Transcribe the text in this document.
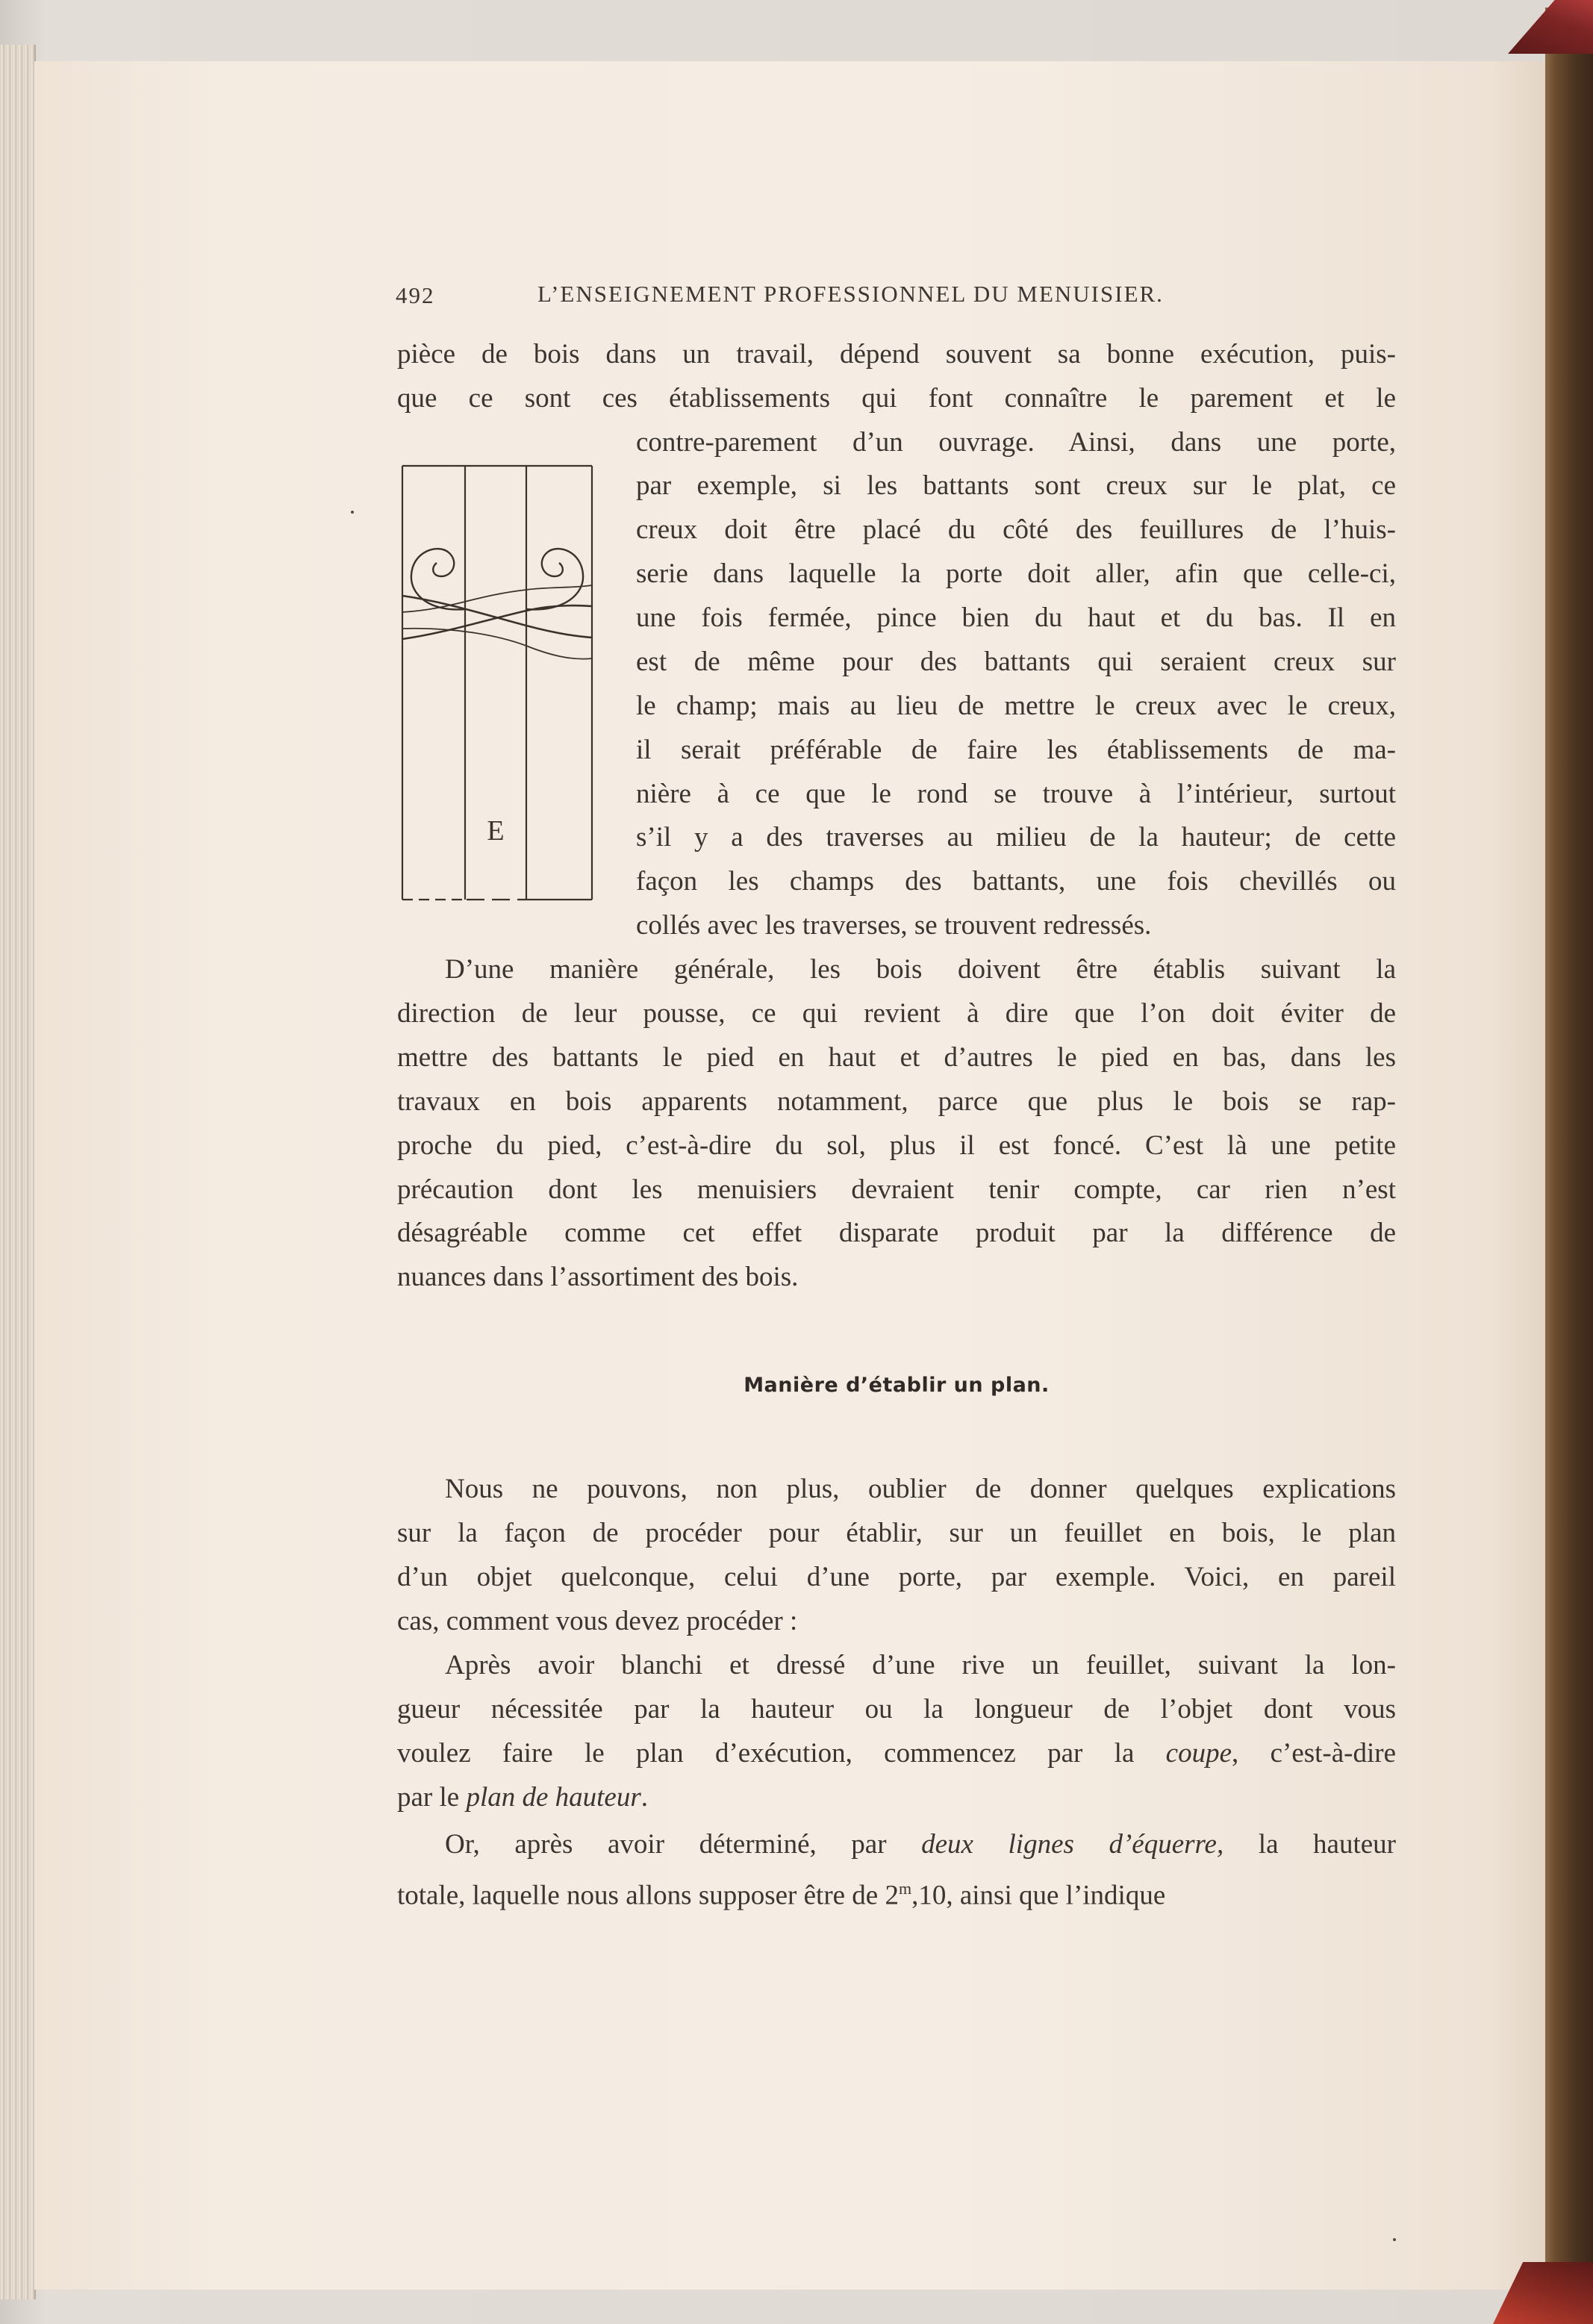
492	L’ENSEIGNEMENT PROFESSIONNEL DU MENUISIER.
pièce de bois dans un travail, dépend souvent sa bonne exécution, puis-
que ce sont ces établissements qui font connaître le parement et le
contre-parement d’un ouvrage. Ainsi, dans une porte,
par exemple, si les battants sont creux sur le plat, ce
creux doit être placé du côté des feuillures de l’huis-
serie dans laquelle la porte doit aller, afin que celle-ci,
une fois fermée, pince bien du haut et du bas. Il en
est de même pour des battants qui seraient creux sur
le champ; mais au lieu de mettre le creux avec le creux,
il serait préférable de faire les établissements de ma-
nière à ce que le rond se trouve à l’intérieur, surtout
s’il y a des traverses au milieu de la hauteur; de cette
façon les champs des battants, une fois chevillés ou
collés avec les traverses, se trouvent redressés.
E
D’une manière générale, les bois doivent être établis suivant la
direction de leur pousse, ce qui revient à dire que l’on doit éviter de
mettre des battants le pied en haut et d’autres le pied en bas, dans les
travaux en bois apparents notamment, parce que plus le bois se rap-
proche du pied, c’est-à-dire du sol, plus il est foncé. C’est là une petite
précaution dont les menuisiers devraient tenir compte, car rien n’est
désagréable comme cet effet disparate produit par la différence de
nuances dans l’assortiment des bois.
Manière d’établir un plan.
Nous ne pouvons, non plus, oublier de donner quelques explications
sur la façon de procéder pour établir, sur un feuillet en bois, le plan
d’un objet quelconque, celui d’une porte, par exemple. Voici, en pareil
cas, comment vous devez procéder :
Après avoir blanchi et dressé d’une rive un feuillet, suivant la lon-
gueur nécessitée par la hauteur ou la longueur de l’objet dont vous
voulez faire le plan d’exécution, commencez par la coupe, c’est-à-dire
par le plan de hauteur.
Or, après avoir déterminé, par deux lignes d’équerre, la hauteur
totale, laquelle nous allons supposer être de 2$^m$,10, ainsi que l’indique
